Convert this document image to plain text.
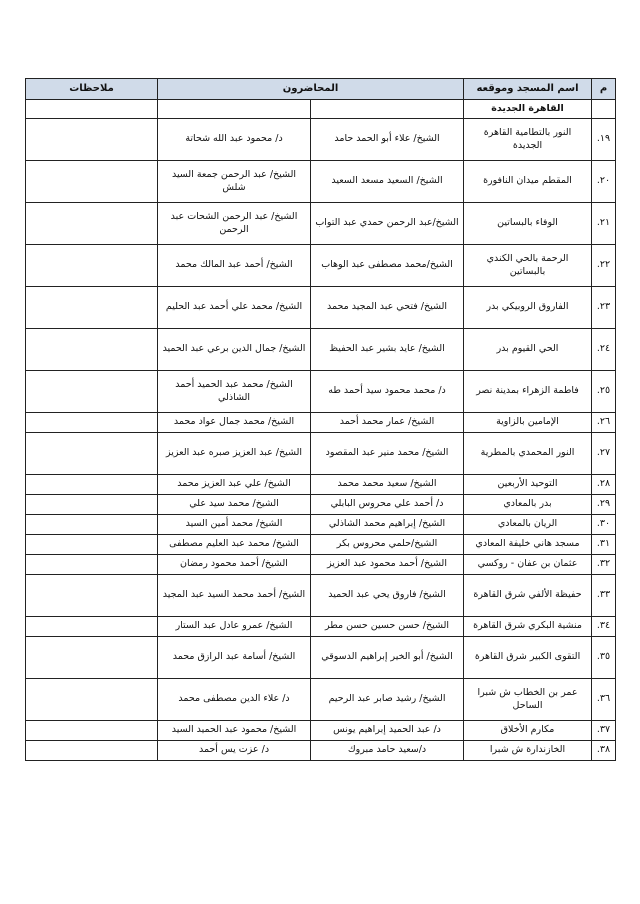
م	اسم المسجد وموقعه	المحاضرون		ملاحظات
	القاهرة الجديدة			
١٩.	النور بالتطامية القاهرة الجديدة	الشيخ/ علاء أبو الحمد حامد	د/ محمود عبد الله شحاتة	
٢٠.	المقطم ميدان النافورة	الشيخ/ السعيد مسعد السعيد	الشيخ/ عبد الرحمن جمعة السيد شلش	
٢١.	الوفاء بالبساتين	الشيخ/عبد الرحمن حمدي عبد التواب	الشيخ/ عبد الرحمن الشحات عبد الرحمن	
٢٢.	الرحمة بالحي الكندي بالبساتين	الشيخ/محمد مصطفى عبد الوهاب	الشيخ/ أحمد عبد المالك محمد	
٢٣.	الفاروق الروبيكي بدر	الشيخ/ فتحي عبد المجيد محمد	الشيخ/ محمد علي أحمد عبد الحليم	
٢٤.	الحي القيوم بدر	الشيخ/ عايد بشير عبد الحفيظ	الشيخ/ جمال الدين برعي عبد الحميد	
٢٥.	فاطمة الزهراء بمدينة نصر	د/ محمد محمود سيد أحمد طه	الشيخ/ محمد عبد الحميد أحمد الشاذلي	
٢٦.	الإمامين بالزاوية	الشيخ/ عمار محمد أحمد	الشيخ/ محمد جمال عواد محمد	
٢٧.	النور المحمدي بالمطرية	الشيخ/ محمد منير عبد المقصود	الشيخ/ عبد العزيز صبره عبد العزيز	
٢٨.	التوحيد الأربعين	الشيخ/ سعيد محمد محمد	الشيخ/ علي عبد العزيز محمد	
٢٩.	بدر بالمعادي	د/ أحمد علي محروس البابلي	الشيخ/ محمد سيد علي	
٣٠.	الريان بالمعادي	الشيخ/ إبراهيم محمد الشاذلي	الشيخ/ محمد أمين السيد	
٣١.	مسجد هاني خليفة المعادي	الشيخ/حلمي محروس بكر	الشيخ/ محمد عبد العليم مصطفى	
٣٢.	عثمان بن عفان - روكسي	الشيخ/ أحمد محمود عبد العزيز	الشيخ/ أحمد محمود رمضان	
٣٣.	حفيظة الألفي شرق القاهرة	الشيخ/ فاروق يحي عبد الحميد	الشيخ/ أحمد محمد السيد عبد المجيد	
٣٤.	منشية البكري شرق القاهرة	الشيخ/ حسن حسين حسن مطر	الشيخ/ عمرو عادل عبد الستار	
٣٥.	التقوى الكبير شرق القاهرة	الشيخ/ أبو الخير إبراهيم الدسوقي	الشيخ/ أسامة عبد الرازق محمد	
٣٦.	عمر بن الخطاب ش شبرا الساحل	الشيخ/ رشيد صابر عبد الرحيم	د/ علاء الدين مصطفى محمد	
٣٧.	مكارم الأخلاق	د/ عبد الحميد إبراهيم يونس	الشيخ/ محمود عبد الحميد السيد	
٣٨.	الخازندارة ش شبرا	د/سعيد حامد مبروك	د/ عزت يس أحمد	
